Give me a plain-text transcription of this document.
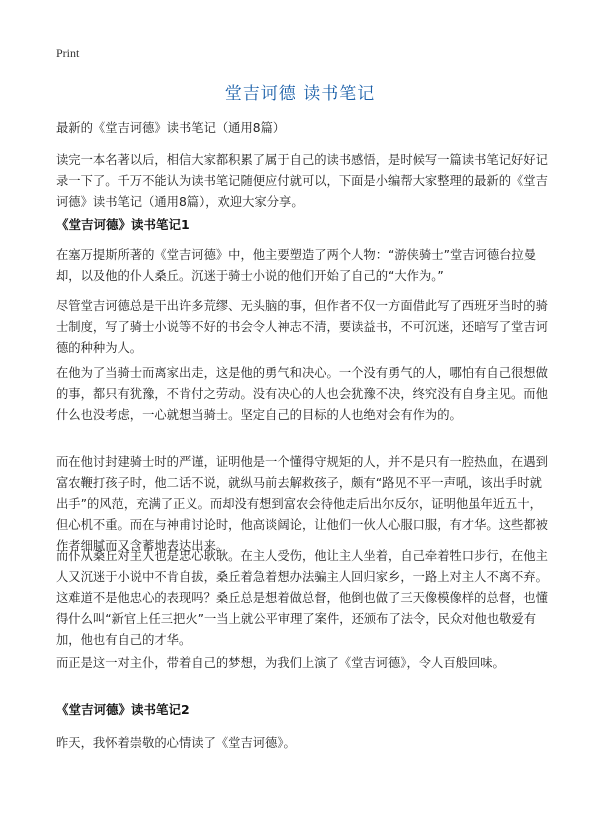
Print
堂吉诃德 读书笔记

最新的《堂吉诃德》读书笔记（通用8篇）

读完一本名著以后，相信大家都积累了属于自己的读书感悟，是时候写一篇读书笔记好好记录一下了。千万不能认为读书笔记随便应付就可以，下面是小编帮大家整理的最新的《堂吉诃德》读书笔记（通用8篇），欢迎大家分享。

《堂吉诃德》读书笔记1

在塞万提斯所著的《堂吉诃德》中，他主要塑造了两个人物：“游侠骑士”堂吉诃德台拉曼却，以及他的仆人桑丘。沉迷于骑士小说的他们开始了自己的“大作为。”

尽管堂吉诃德总是干出许多荒缪、无头脑的事，但作者不仅一方面借此写了西班牙当时的骑士制度，写了骑士小说等不好的书会令人神志不清，要读益书，不可沉迷，还暗写了堂吉诃德的种种为人。

在他为了当骑士而离家出走，这是他的勇气和决心。一个没有勇气的人，哪怕有自己很想做的事，都只有犹豫，不肯付之劳动。没有决心的人也会犹豫不决，终究没有自身主见。而他什么也没考虑，一心就想当骑士。坚定自己的目标的人也绝对会有作为的。

而在他讨封建骑士时的严谨，证明他是一个懂得守规矩的人，并不是只有一腔热血，在遇到富农鞭打孩子时，他二话不说，就纵马前去解救孩子，颇有“路见不平一声吼，该出手时就出手”的风范，充满了正义。而却没有想到富农会待他走后出尔反尔，证明他虽年近五十，但心机不重。而在与神甫讨论时，他高谈阔论，让他们一伙人心服口服，有才华。这些都被作者细腻而又含蓄地表达出来。

而仆从桑丘对主人也是忠心耿耿。在主人受伤，他让主人坐着，自己牵着牲口步行，在他主人又沉迷于小说中不肯自拔，桑丘着急着想办法骗主人回归家乡，一路上对主人不离不弃。这难道不是他忠心的表现吗？桑丘总是想着做总督，他倒也做了三天像模像样的总督，也懂得什么叫“新官上任三把火”一当上就公平审理了案件，还颁布了法令，民众对他也敬爱有加，他也有自己的才华。

而正是这一对主仆，带着自己的梦想，为我们上演了《堂吉诃德》，令人百般回味。

《堂吉诃德》读书笔记2

昨天，我怀着崇敬的心情读了《堂吉诃德》。
